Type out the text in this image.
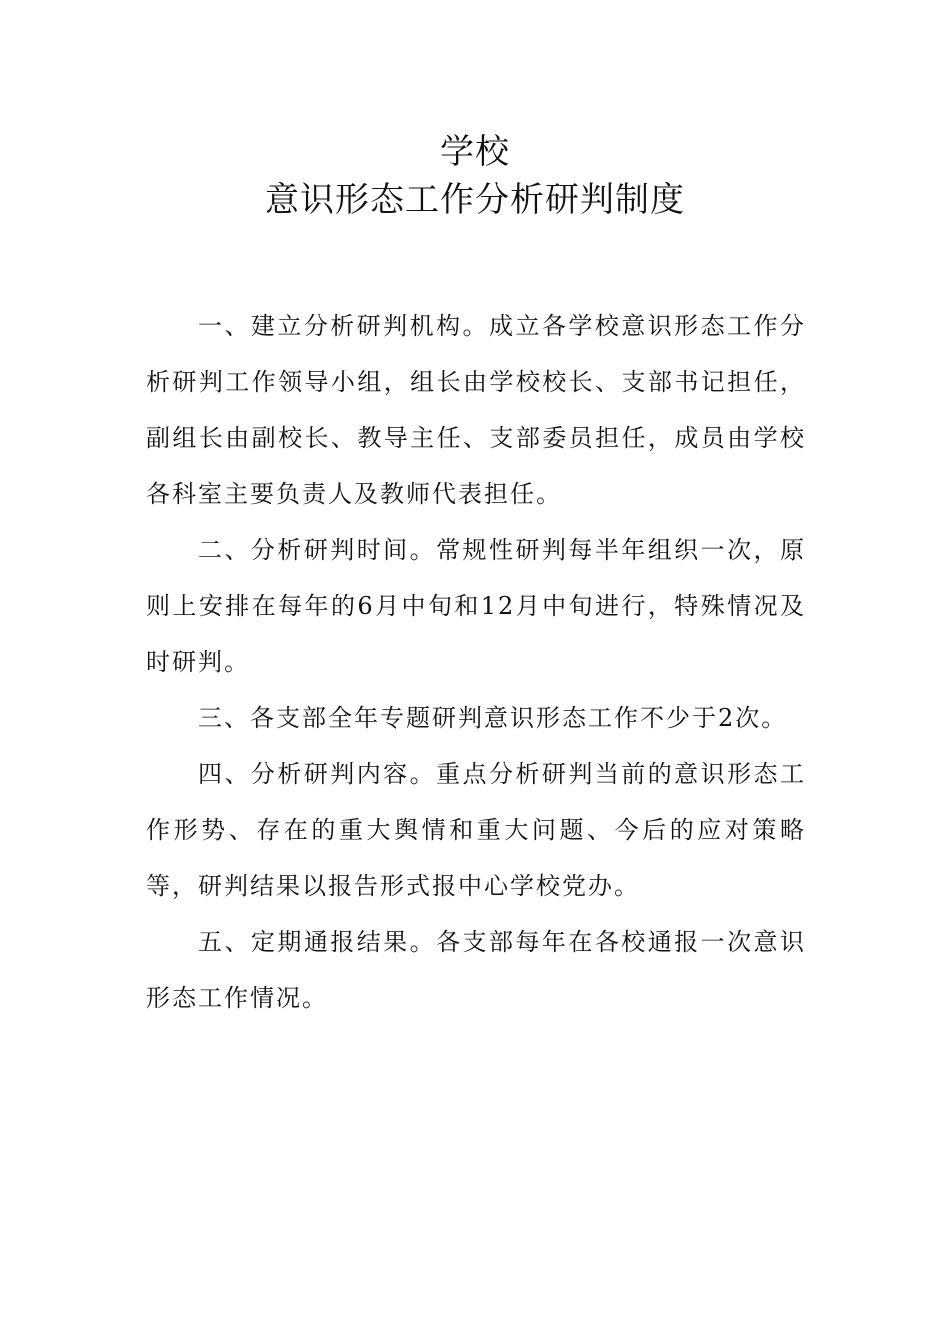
学校
意识形态工作分析研判制度

一、建立分析研判机构。成立各学校意识形态工作分析研判工作领导小组，组长由学校校长、支部书记担任，副组长由副校长、教导主任、支部委员担任，成员由学校各科室主要负责人及教师代表担任。

二、分析研判时间。常规性研判每半年组织一次，原则上安排在每年的6月中旬和12月中旬进行，特殊情况及时研判。

三、各支部全年专题研判意识形态工作不少于2次。

四、分析研判内容。重点分析研判当前的意识形态工作形势、存在的重大舆情和重大问题、今后的应对策略等，研判结果以报告形式报中心学校党办。

五、定期通报结果。各支部每年在各校通报一次意识形态工作情况。
